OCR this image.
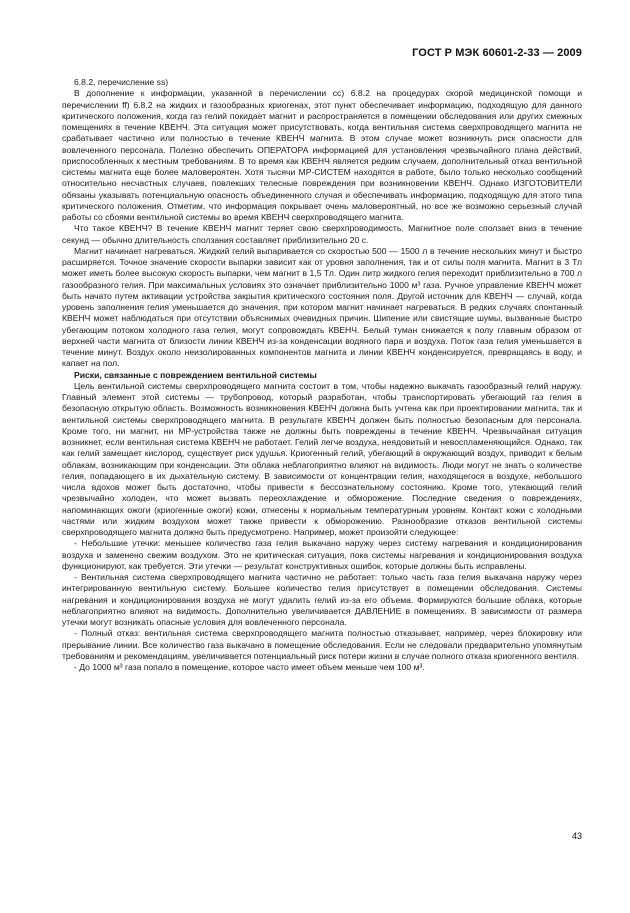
ГОСТ Р МЭК 60601-2-33 — 2009

6.8.2, перечисление ss)

В дополнение к информации, указанной в перечислении cc) 6.8.2 на процедурах скорой медицинской помощи и перечислении ff) 6.8.2 на жидких и газообразных криогенах, этот пункт обеспечивает информацию, подходящую для данного критического положения, когда газ гелий покидает магнит и распространяется в помещении обследования или других смежных помещениях в течение КВЕНЧ. Эта ситуация может присутствовать, когда вентильная система сверхпроводящего магнита не срабатывает частично или полностью в течение КВЕНЧ магнита. В этом случае может возникнуть риск опасности для вовлеченного персонала. Полезно обеспечить ОПЕРАТОРА информацией для установления чрезвычайного плана действий, приспособленных к местным требованиям. В то время как КВЕНЧ является редким случаем, дополнительный отказ вентильной системы магнита еще более маловероятен. Хотя тысячи МР-СИСТЕМ находятся в работе, было только несколько сообщений относительно несчастных случаев, повлекших телесные повреждения при возникновении КВЕНЧ. Однако ИЗГОТОВИТЕЛИ обязаны указывать потенциальную опасность объединенного случая и обеспечивать информацию, подходящую для этого типа критического положения. Отметим, что информация покрывает очень маловероятный, но все же возможно серьезный случай работы со сбоями вентильной системы во время КВЕНЧ сверхпроводящего магнита.

Что такое КВЕНЧ? В течение КВЕНЧ магнит теряет свою сверхпроводимость. Магнитное поле сползает вниз в течение секунд — обычно длительность сползания составляет приблизительно 20 с.

Магнит начинает нагреваться. Жидкий гелий выпаривается со скоростью 500 — 1500 л в течение нескольких минут и быстро расширяется. Точное значение скорости выпарки зависит как от уровня заполнения, так и от силы поля магнита. Магнит в 3 Тл может иметь более высокую скорость выпарки, чем магнит в 1,5 Тл. Один литр жидкого гелия переходит приблизительно в 700 л газообразного гелия. При максимальных условиях это означает приблизительно 1000 м³ газа. Ручное управление КВЕНЧ может быть начато путем активации устройства закрытия критического состояния поля. Другой источник для КВЕНЧ — случай, когда уровень заполнения гелия уменьшается до значения, при котором магнит начинает нагреваться. В редких случаях спонтанный КВЕНЧ может наблюдаться при отсутствии объяснимых очевидных причин. Шипение или свистящие шумы, вызванные быстро убегающим потоком холодного газа гелия, могут сопровождать КВЕНЧ. Белый туман снижается к полу главным образом от верхней части магнита от близости линии КВЕНЧ из-за конденсации водяного пара и воздуха. Поток газа гелия уменьшается в течение минут. Воздух около неизолированных компонентов магнита и линии КВЕНЧ конденсируется, превращаясь в воду, и капает на пол.

Риски, связанные с повреждением вентильной системы

Цель вентильной системы сверхпроводящего магнита состоит в том, чтобы надежно выкачать газообразный гелий наружу. Главный элемент этой системы — трубопровод, который разработан, чтобы транспортировать убегающий газ гелия в безопасную открытую область. Возможность возникновения КВЕНЧ должна быть учтена как при проектировании магнита, так и вентильной системы сверхпроводящего магнита. В результате КВЕНЧ должен быть полностью безопасным для персонала. Кроме того, ни магнит, ни МР-устройства также не должны быть повреждены в течение КВЕНЧ. Чрезвычайная ситуация возникнет, если вентильная система КВЕНЧ не работает. Гелий легче воздуха, неядовитый и невоспламеняющийся. Однако, так как гелий замещает кислород, существует риск удушья. Криогенный гелий, убегающий в окружающий воздух, приводит к белым облакам, возникающим при конденсации. Эти облака неблагоприятно влияют на видимость. Люди могут не знать о количестве гелия, попадающего в их дыхательную систему. В зависимости от концентрации гелия, находящегося в воздухе, небольшого числа вдохов может быть достаточно, чтобы привести к бессознательному состоянию. Кроме того, утекающий гелий чрезвычайно холоден, что может вызвать переохлаждение и обморожение. Последние сведения о повреждениях, напоминающих ожоги (криогенные ожоги) кожи, отнесены к нормальным температурным уровням. Контакт кожи с холодными частями или жидким воздухом может также привести к обморожению. Разнообразие отказов вентильной системы сверхпроводящего магнита должно быть предусмотрено. Например, может произойти следующее:

- Небольшие утечки: меньшее количество газа гелия выкачано наружу через систему нагревания и кондиционирования воздуха и заменено свежим воздухом. Это не критическая ситуация, пока системы нагревания и кондиционирования воздуха функционируют, как требуется. Эти утечки — результат конструктивных ошибок, которые должны быть исправлены.

- Вентильная система сверхпроводящего магнита частично не работает: только часть газа гелия выкачана наружу через интегрированную вентильную систему. Большее количество гелия присутствует в помещении обследования. Системы нагревания и кондиционирования воздуха не могут удалить гелий из-за его объема. Формируются большие облака, которые неблагоприятно влияют на видимость. Дополнительно увеличивается ДАВЛЕНИЕ в помещениях. В зависимости от размера утечки могут возникать опасные условия для вовлеченного персонала.

- Полный отказ: вентильная система сверхпроводящего магнита полностью отказывает, например, через блокировку или прерывание линии. Все количество газа выкачано в помещение обследования. Если не следовали предварительно упомянутым требованиям и рекомендациям, увеличивается потенциальный риск потери жизни в случае полного отказа криогенного вентиля.

- До 1000 м³ газа попало в помещение, которое часто имеет объем меньше чем 100 м³.

43
